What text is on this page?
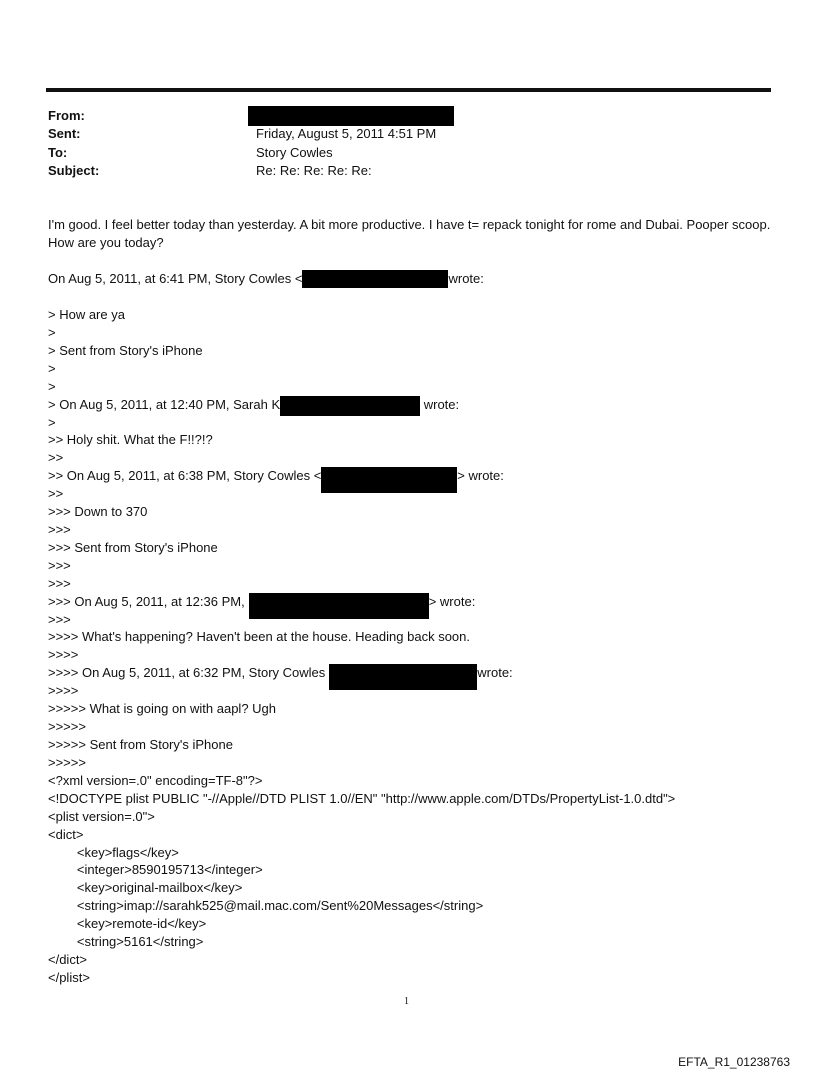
From:
Sent:	Friday, August 5, 2011 4:51 PM
To:	Story Cowles
Subject:	Re: Re: Re: Re: Re:
I'm good. I feel better today than yesterday. A bit more productive. I have t= repack tonight for rome and Dubai. Pooper scoop. How are you today?
On Aug 5, 2011, at 6:41 PM, Story Cowles <	wrote:
> How are ya
>
> Sent from Story's iPhone
>
>
> On Aug 5, 2011, at 12:40 PM, Sarah K	wrote:
>
>> Holy shit. What the F!!?!?
>>
>> On Aug 5, 2011, at 6:38 PM, Story Cowles <	> wrote:
>>
>>> Down to 370
>>>
>>> Sent from Story's iPhone
>>>
>>>
>>> On Aug 5, 2011, at 12:36 PM,	> wrote:
>>>
>>>> What's happening? Haven't been at the house. Heading back soon.
>>>>
>>>> On Aug 5, 2011, at 6:32 PM, Story Cowles	wrote:
>>>>
>>>>> What is going on with aapl? Ugh
>>>>>
>>>>> Sent from Story's iPhone
>>>>>
<?xml version=.0" encoding=TF-8"?>
<!DOCTYPE plist PUBLIC "-//Apple//DTD PLIST 1.0//EN" "http://www.apple.com/DTDs/PropertyList-1.0.dtd">
<plist version=.0">
<dict>
<key>flags</key>
<integer>8590195713</integer>
<key>original-mailbox</key>
<string>imap://sarahk525@mail.mac.com/Sent%20Messages</string>
<key>remote-id</key>
<string>5161</string>
</dict>
</plist>
1
EFTA_R1_01238763
